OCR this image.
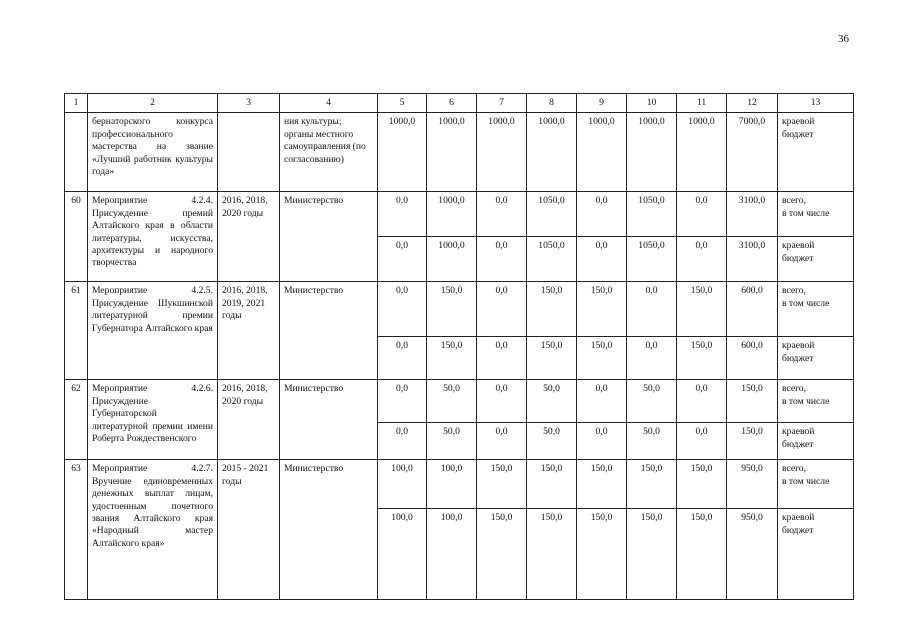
36
1	2	3	4	5	6	7	8	9	10	11	12	13
	бернаторского конкурса профессионального мастерства на звание «Лучший работник культуры года»		ния культуры; органы местного самоуправления (по согласованию)	1000,0	1000,0	1000,0	1000,0	1000,0	1000,0	1000,0	7000,0	краевой
бюджет
60	Мероприятие 4.2.4. Присуждение премий Алтайского края в области литературы, искусства, архитектуры и народного творчества	2016, 2018, 2020 годы	Министерство	0,0	1000,0	0,0	1050,0	0,0	1050,0	0,0	3100,0	всего,
в том числе
				0,0	1000,0	0,0	1050,0	0,0	1050,0	0,0	3100,0	краевой
бюджет
61	Мероприятие 4.2.5. Присуждение Шукшинской литературной премии Губернатора Алтайского края	2016, 2018, 2019, 2021 годы	Министерство	0,0	150,0	0,0	150,0	150,0	0,0	150,0	600,0	всего,
в том числе
				0,0	150,0	0,0	150,0	150,0	0,0	150,0	600,0	краевой
бюджет
62	Мероприятие 4.2.6. Присуждение Губернаторской литературной премии имени Роберта Рождественского	2016, 2018, 2020 годы	Министерство	0,0	50,0	0,0	50,0	0,0	50,0	0,0	150,0	всего,
в том числе
				0,0	50,0	0,0	50,0	0,0	50,0	0,0	150,0	краевой
бюджет
63	Мероприятие 4.2.7. Вручение единовременных денежных выплат лицам, удостоенным почетного звания Алтайского края «Народный мастер Алтайского края»	2015 - 2021 годы	Министерство	100,0	100,0	150,0	150,0	150,0	150,0	150,0	950,0	всего,
в том числе
				100,0	100,0	150,0	150,0	150,0	150,0	150,0	950,0	краевой
бюджет
